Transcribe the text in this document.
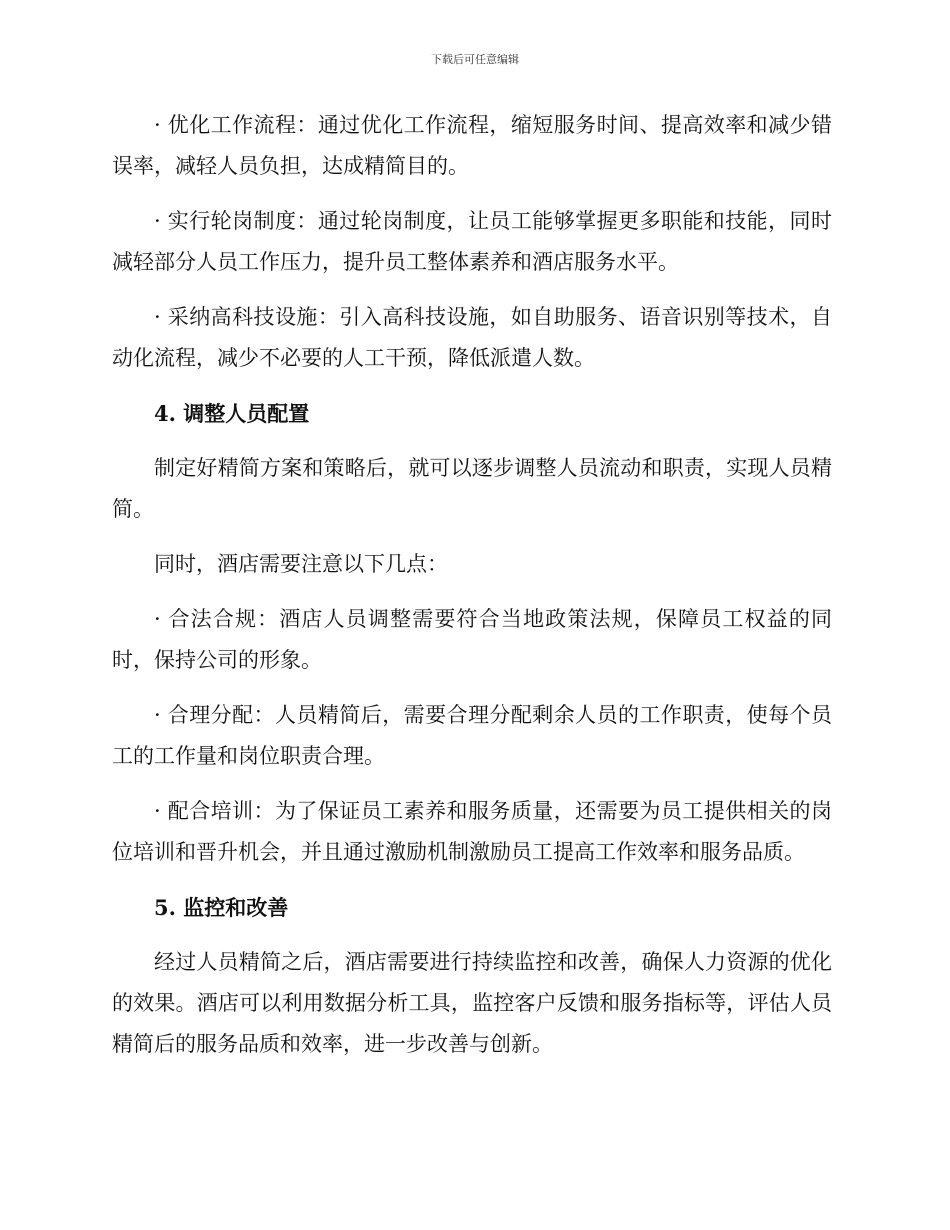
下载后可任意编辑

· 优化工作流程：通过优化工作流程，缩短服务时间、提高效率和减少错误率，减轻人员负担，达成精简目的。

· 实行轮岗制度：通过轮岗制度，让员工能够掌握更多职能和技能，同时减轻部分人员工作压力，提升员工整体素养和酒店服务水平。

· 采纳高科技设施：引入高科技设施，如自助服务、语音识别等技术，自动化流程，减少不必要的人工干预，降低派遣人数。

4. 调整人员配置

制定好精简方案和策略后，就可以逐步调整人员流动和职责，实现人员精简。

同时，酒店需要注意以下几点：

· 合法合规：酒店人员调整需要符合当地政策法规，保障员工权益的同时，保持公司的形象。

· 合理分配：人员精简后，需要合理分配剩余人员的工作职责，使每个员工的工作量和岗位职责合理。

· 配合培训：为了保证员工素养和服务质量，还需要为员工提供相关的岗位培训和晋升机会，并且通过激励机制激励员工提高工作效率和服务品质。

5. 监控和改善

经过人员精简之后，酒店需要进行持续监控和改善，确保人力资源的优化的效果。酒店可以利用数据分析工具，监控客户反馈和服务指标等，评估人员精简后的服务品质和效率，进一步改善与创新。
